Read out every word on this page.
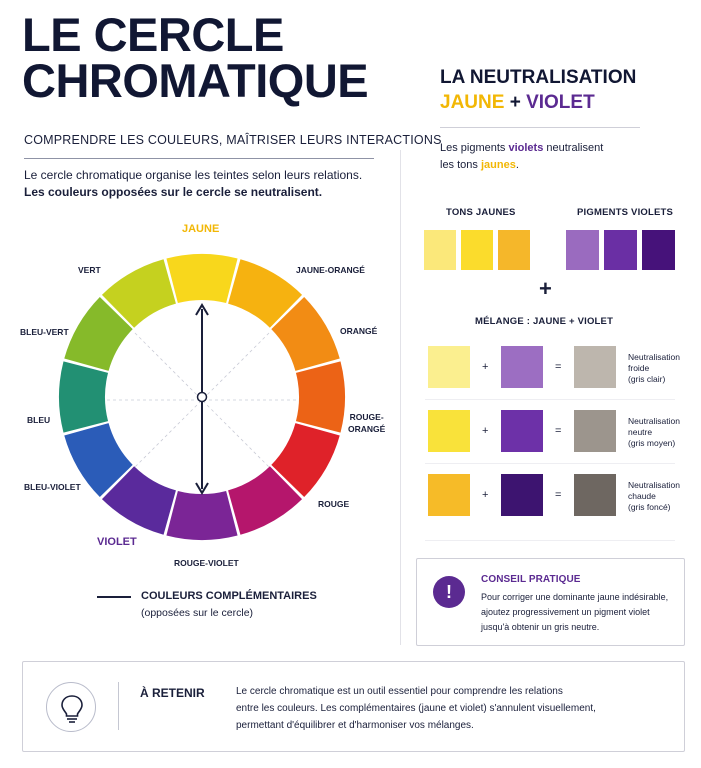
LE CERCLE
CHROMATIQUE
COMPRENDRE LES COULEURS, MAÎTRISER LEURS INTERACTIONS
Le cercle chromatique organise les teintes selon leurs relations.
Les couleurs opposées sur le cercle se neutralisent.
JAUNE
JAUNE-ORANGÉ
ORANGÉ
ROUGE-
ORANGÉ
ROUGE
ROUGE-VIOLET
VIOLET
BLEU-VIOLET
BLEU
BLEU-VERT
VERT
COULEURS COMPLÉMENTAIRES
(opposées sur le cercle)
LA NEUTRALISATION
JAUNE + VIOLET
Les pigments violets neutralisent
les tons jaunes.
TONS JAUNES	PIGMENTS VIOLETS
+
MÉLANGE : JAUNE + VIOLET
+	=
Neutralisation
froide
(gris clair)
+	=
Neutralisation
neutre
(gris moyen)
+	=
Neutralisation
chaude
(gris foncé)
!
CONSEIL PRATIQUE
Pour corriger une dominante jaune indésirable,
ajoutez progressivement un pigment violet
jusqu'à obtenir un gris neutre.
À RETENIR	Le cercle chromatique est un outil essentiel pour comprendre les relations
entre les couleurs. Les complémentaires (jaune et violet) s'annulent visuellement,
permettant d'équilibrer et d'harmoniser vos mélanges.
